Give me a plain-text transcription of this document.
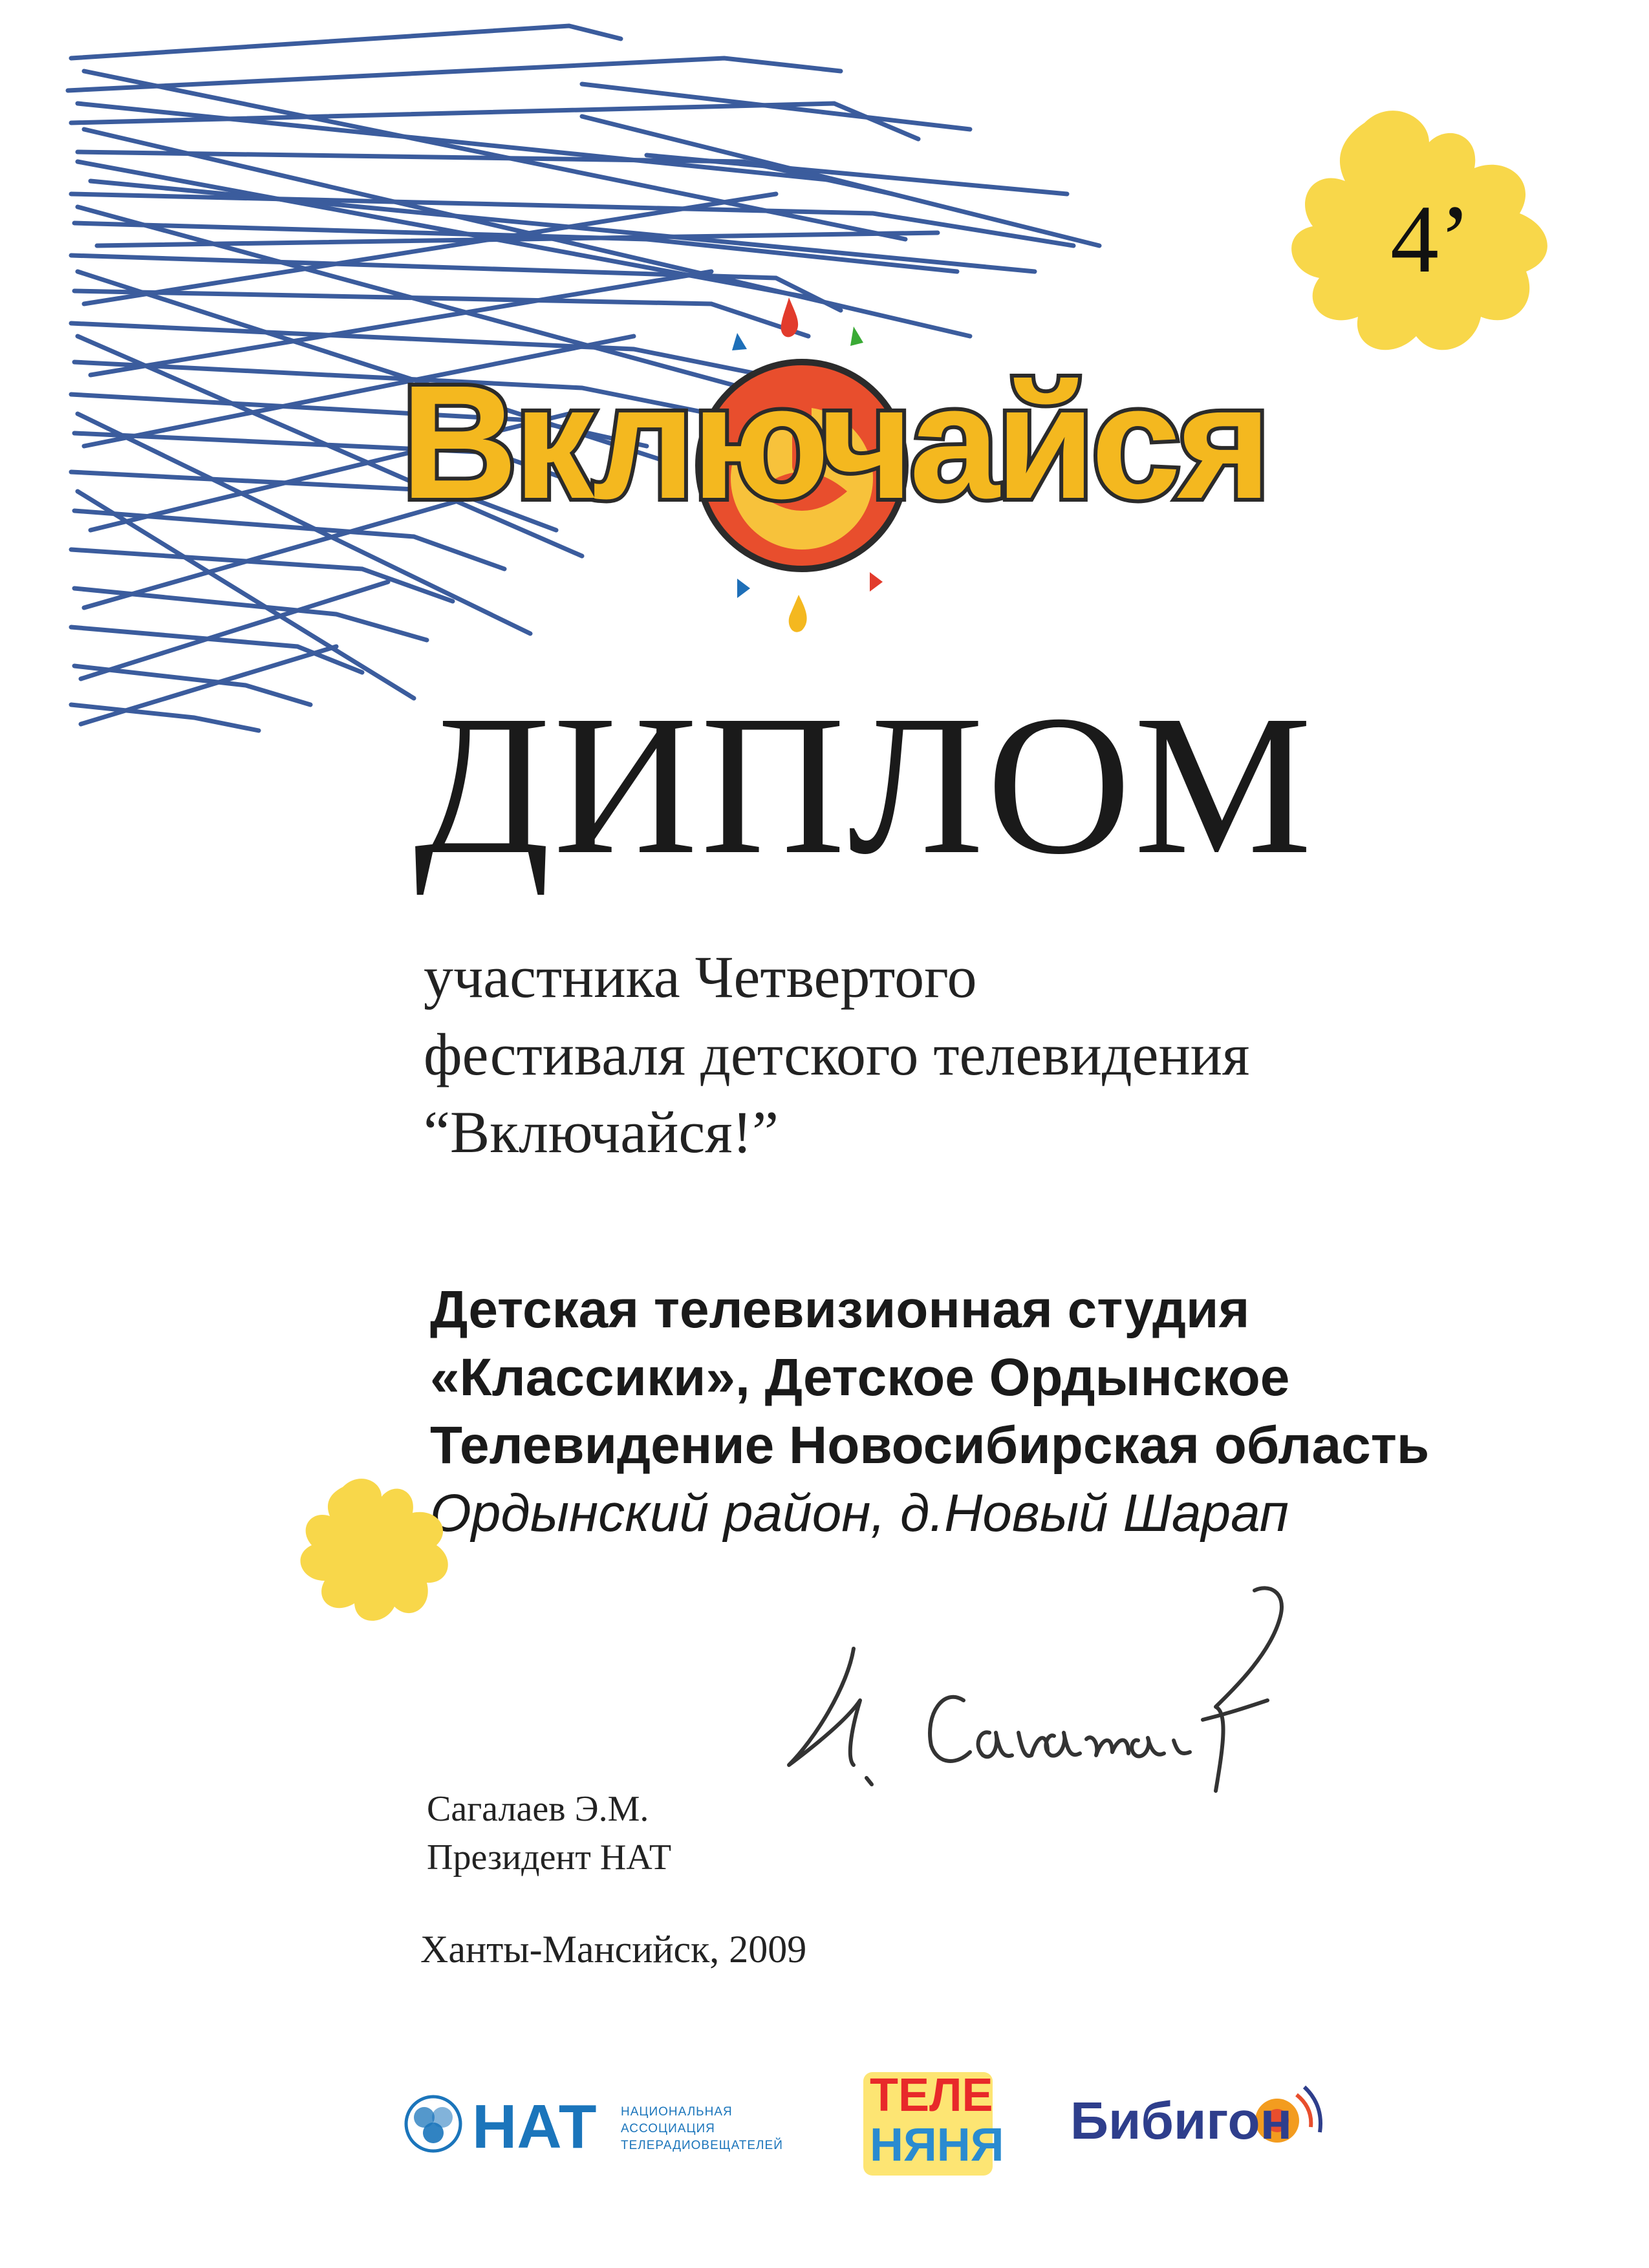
4’
Включайся
ДИПЛОМ
участника Четвертого
фестиваля детского телевидения
“Включайся!”
Детская телевизионная студия
«Классики», Детское Ордынское
Телевидение Новосибирская область
Ордынский район, д.Новый Шарап
Сагалаев Э.М.
Президент НАТ
Ханты-Мансийск, 2009
НАТ НАЦИОНАЛЬНАЯ
АССОЦИАЦИЯ
ТЕЛЕРАДИОВЕЩАТЕЛЕЙ
ТЕЛЕ
НЯНЯ Бибигон
